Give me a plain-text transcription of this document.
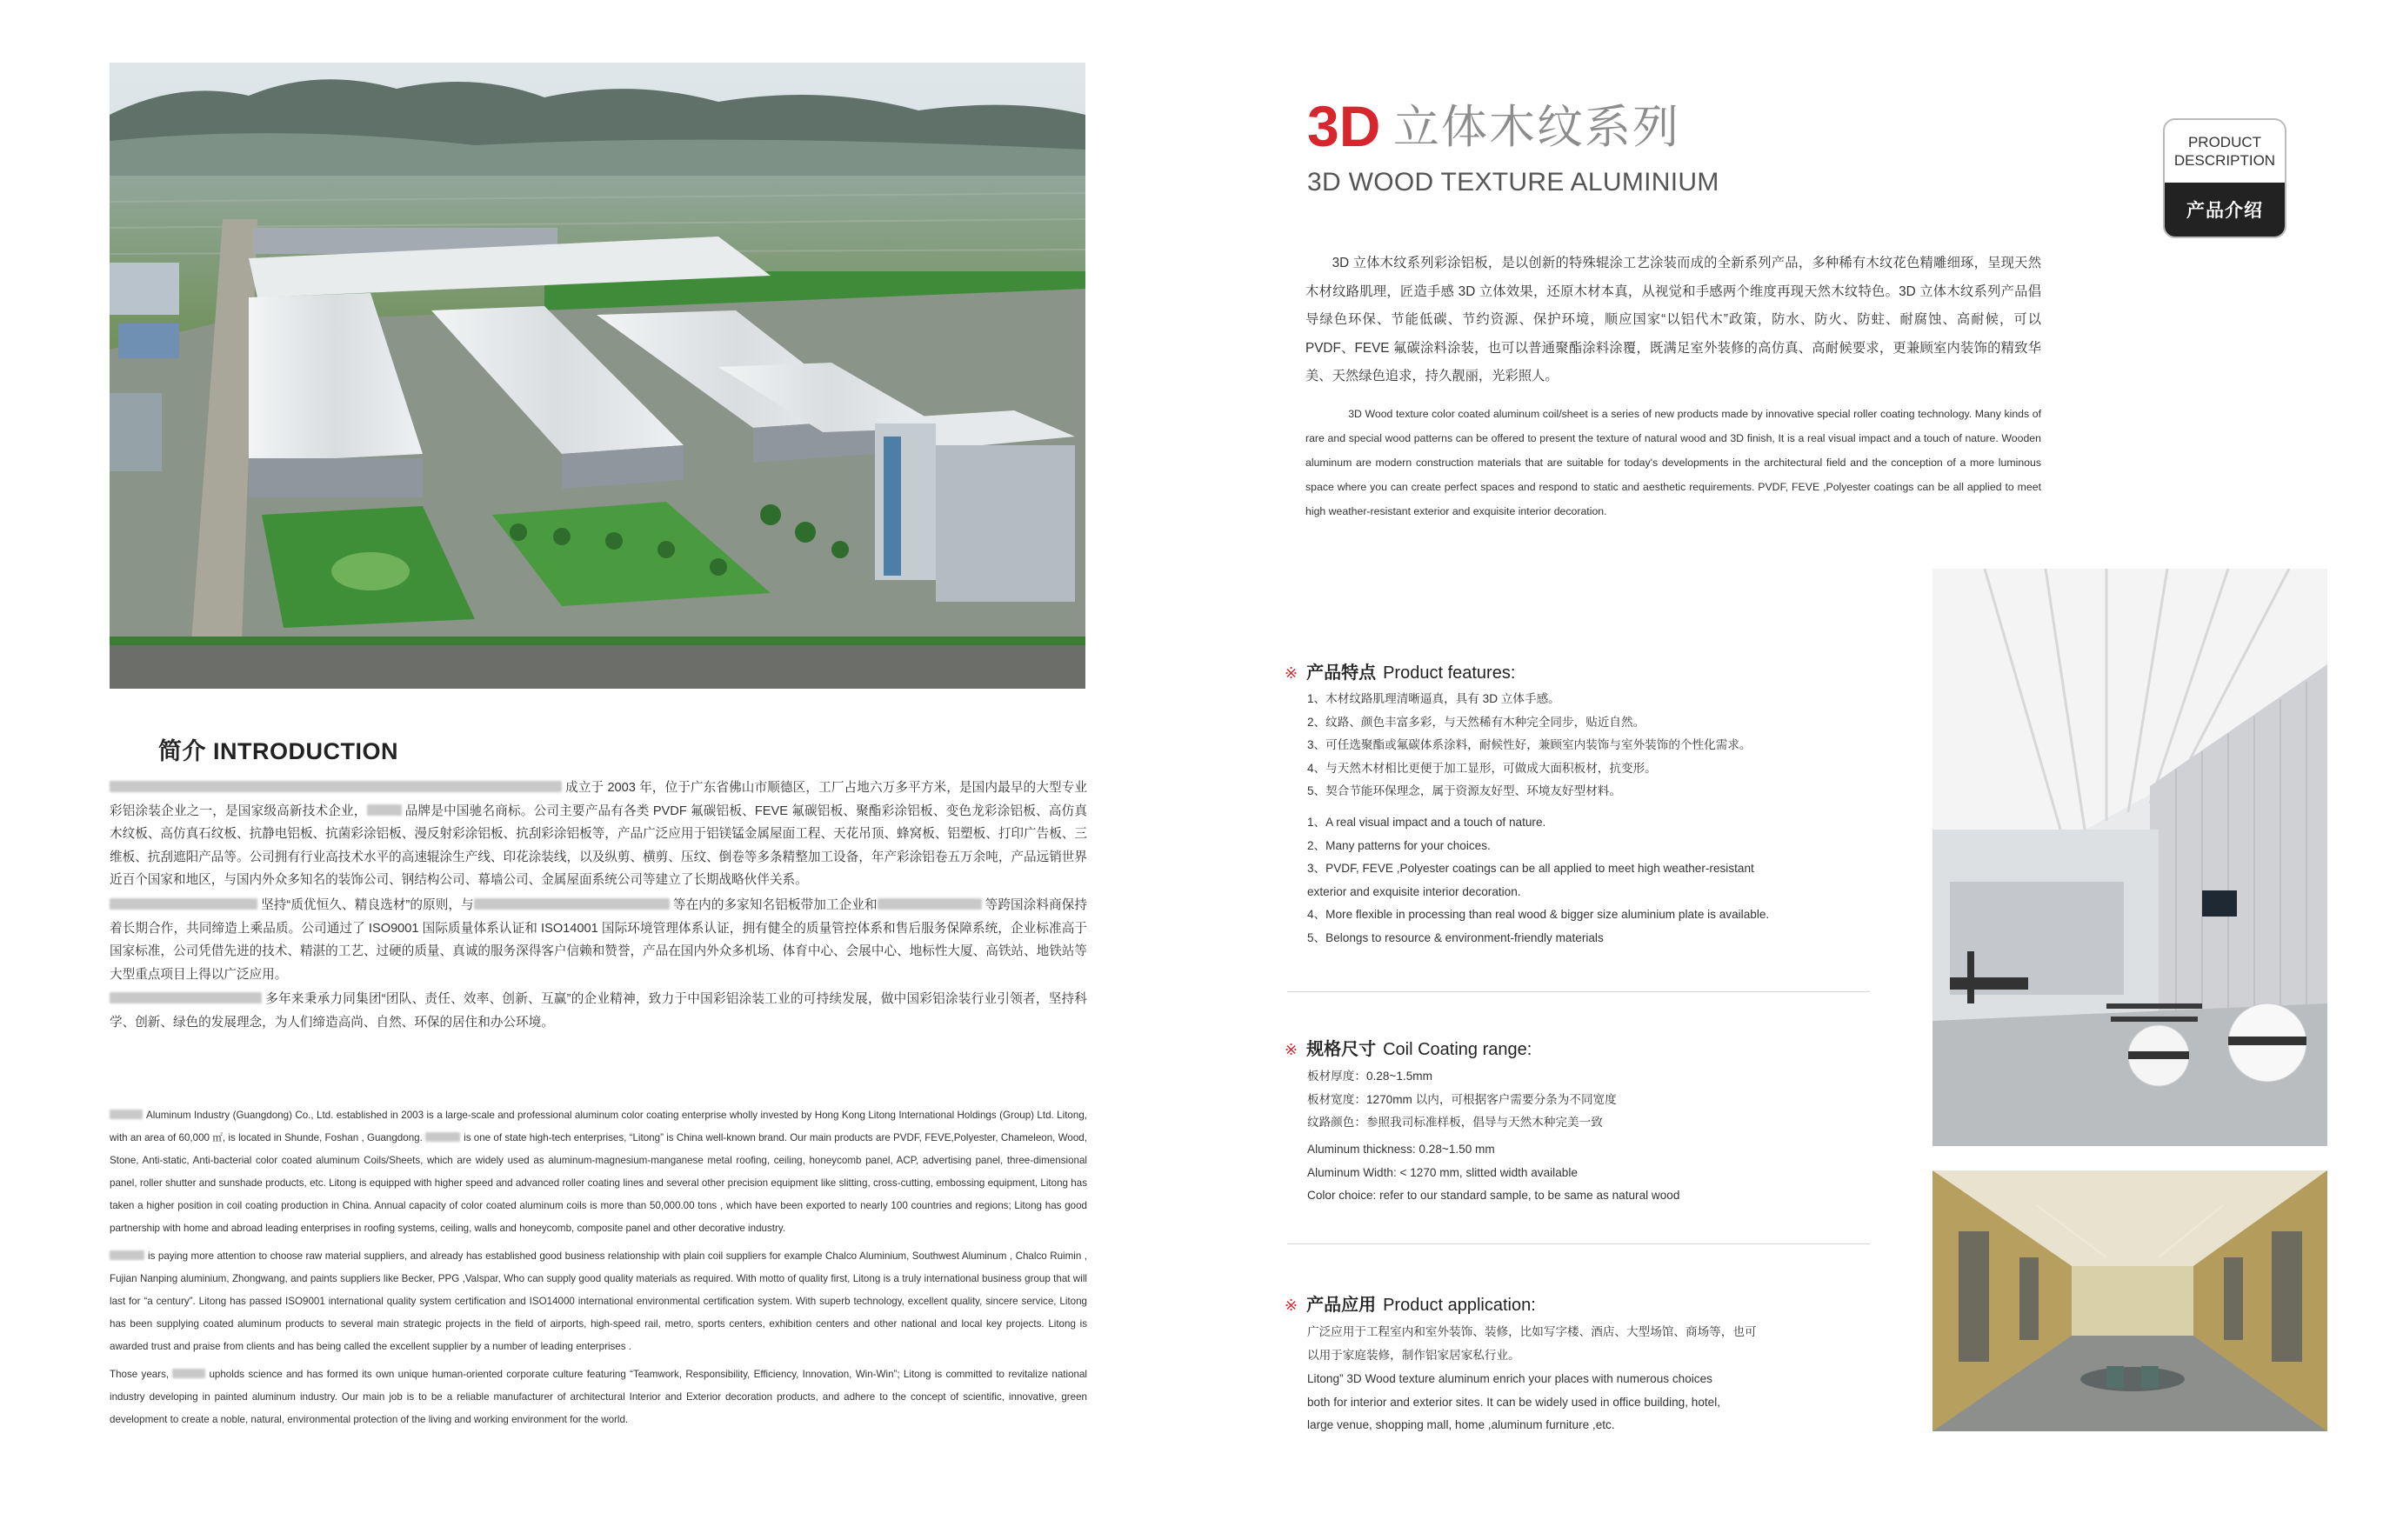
简介 INTRODUCTION

成立于 2003 年，位于广东省佛山市顺德区，工厂占地六万多平方米，是国内最早的大型专业彩铝涂装企业之一，是国家级高新技术企业，	品牌是中国驰名商标。公司主要产品有各类 PVDF 氟碳铝板、FEVE 氟碳铝板、聚酯彩涂铝板、变色龙彩涂铝板、高仿真木纹板、高仿真石纹板、抗静电铝板、抗菌彩涂铝板、漫反射彩涂铝板、抗刮彩涂铝板等，产品广泛应用于铝镁锰金属屋面工程、天花吊顶、蜂窝板、铝塑板、打印广告板、三维板、抗刮遮阳产品等。公司拥有行业高技术水平的高速辊涂生产线、印花涂装线，以及纵剪、横剪、压纹、倒卷等多条精整加工设备，年产彩涂铝卷五万余吨，产品远销世界近百个国家和地区，与国内外众多知名的装饰公司、钢结构公司、幕墙公司、金属屋面系统公司等建立了长期战略伙伴关系。

坚持“质优恒久、精良选材”的原则，与	等在内的多家知名铝板带加工企业和	等跨国涂料商保持着长期合作，共同缔造上乘品质。公司通过了 ISO9001 国际质量体系认证和 ISO14001 国际环境管理体系认证，拥有健全的质量管控体系和售后服务保障系统，企业标准高于国家标准，公司凭借先进的技术、精湛的工艺、过硬的质量、真诚的服务深得客户信赖和赞誉，产品在国内外众多机场、体育中心、会展中心、地标性大厦、高铁站、地铁站等大型重点项目上得以广泛应用。

多年来秉承力同集团“团队、责任、效率、创新、互赢”的企业精神，致力于中国彩铝涂装工业的可持续发展，做中国彩铝涂装行业引领者，坚持科学、创新、绿色的发展理念，为人们缔造高尚、自然、环保的居住和办公环境。

Aluminum Industry (Guangdong) Co., Ltd. established in 2003 is a large-scale and professional aluminum color coating enterprise wholly invested by Hong Kong Litong International Holdings (Group) Ltd. Litong, with an area of 60,000 ㎡, is located in Shunde, Foshan , Guangdong.	is one of state high-tech enterprises, “Litong” is China well-known brand. Our main products are PVDF, FEVE,Polyester, Chameleon, Wood, Stone, Anti-static, Anti-bacterial color coated aluminum Coils/Sheets, which are widely used as aluminum-magnesium-manganese metal roofing, ceiling, honeycomb panel, ACP, advertising panel, three-dimensional panel, roller shutter and sunshade products, etc. Litong is equipped with higher speed and advanced roller coating lines and several other precision equipment like slitting, cross-cutting, embossing equipment, Litong has taken a higher position in coil coating production in China. Annual capacity of color coated aluminum coils is more than 50,000.00 tons , which have been exported to nearly 100 countries and regions; Litong has good partnership with home and abroad leading enterprises in roofing systems, ceiling, walls and honeycomb, composite panel and other decorative industry.

is paying more attention to choose raw material suppliers, and already has established good business relationship with plain coil suppliers for example Chalco Aluminium, Southwest Aluminum , Chalco Ruimin , Fujian Nanping aluminium, Zhongwang, and paints suppliers like Becker, PPG ,Valspar, Who can supply good quality materials as required. With motto of quality first, Litong is a truly international business group that will last for “a century”. Litong has passed ISO9001 international quality system certification and ISO14000 international environmental certification system. With superb technology, excellent quality, sincere service, Litong has been supplying coated aluminum products to several main strategic projects in the field of airports, high-speed rail, metro, sports centers, exhibition centers and other national and local key projects. Litong is awarded trust and praise from clients and has being called the excellent supplier by a number of leading enterprises .

Those years,	upholds science and has formed its own unique human-oriented corporate culture featuring “Teamwork, Responsibility, Efficiency, Innovation, Win-Win”; Litong is committed to revitalize national industry developing in painted aluminum industry. Our main job is to be a reliable manufacturer of architectural Interior and Exterior decoration products, and adhere to the concept of scientific, innovative, green development to create a noble, natural, environmental protection of the living and working environment for the world.

3D 立体木纹系列
3D WOOD TEXTURE ALUMINIUM
PRODUCT
DESCRIPTION
产品介绍

3D 立体木纹系列彩涂铝板，是以创新的特殊辊涂工艺涂装而成的全新系列产品，多种稀有木纹花色精雕细琢，呈现天然木材纹路肌理，匠造手感 3D 立体效果，还原木材本真，从视觉和手感两个维度再现天然木纹特色。3D 立体木纹系列产品倡导绿色环保、节能低碳、节约资源、保护环境，顺应国家“以铝代木”政策，防水、防火、防蛀、耐腐蚀、高耐候，可以 PVDF、FEVE 氟碳涂料涂装，也可以普通聚酯涂料涂覆，既满足室外装修的高仿真、高耐候要求，更兼顾室内装饰的精致华美、天然绿色追求，持久靓丽，光彩照人。

3D Wood texture color coated aluminum coil/sheet is a series of new products made by innovative special roller coating technology. Many kinds of rare and special wood patterns can be offered to present the texture of natural wood and 3D finish, It is a real visual impact and a touch of nature. Wooden aluminum are modern construction materials that are suitable for today's developments in the architectural field and the conception of a more luminous space where you can create perfect spaces and respond to static and aesthetic requirements. PVDF, FEVE ,Polyester coatings can be all applied to meet high weather-resistant exterior and exquisite interior decoration.

※ 产品特点 Product features:
1、木材纹路肌理清晰逼真，具有 3D 立体手感。
2、纹路、颜色丰富多彩，与天然稀有木种完全同步，贴近自然。
3、可任选聚酯或氟碳体系涂料，耐候性好，兼顾室内装饰与室外装饰的个性化需求。
4、与天然木材相比更便于加工显形，可做成大面积板材，抗变形。
5、契合节能环保理念，属于资源友好型、环境友好型材料。
1、A real visual impact and a touch of nature.
2、Many patterns for your choices.
3、PVDF, FEVE ,Polyester coatings can be all applied to meet high weather-resistant
exterior and exquisite interior decoration.
4、More flexible in processing than real wood & bigger size aluminium plate is available.
5、Belongs to resource & environment-friendly materials
※ 规格尺寸 Coil Coating range:
板材厚度：0.28~1.5mm
板材宽度：1270mm 以内，可根据客户需要分条为不同宽度
纹路颜色：参照我司标准样板，倡导与天然木种完美一致
Aluminum thickness: 0.28~1.50 mm
Aluminum Width: < 1270 mm, slitted width available
Color choice: refer to our standard sample, to be same as natural wood
※ 产品应用 Product application:
广泛应用于工程室内和室外装饰、装修，比如写字楼、酒店、大型场馆、商场等，也可
以用于家庭装修，制作铝家居家私行业。
Litong” 3D Wood texture aluminum enrich your places with numerous choices
both for interior and exterior sites. It can be widely used in office building, hotel,
large venue, shopping mall, home ,aluminum furniture ,etc.
